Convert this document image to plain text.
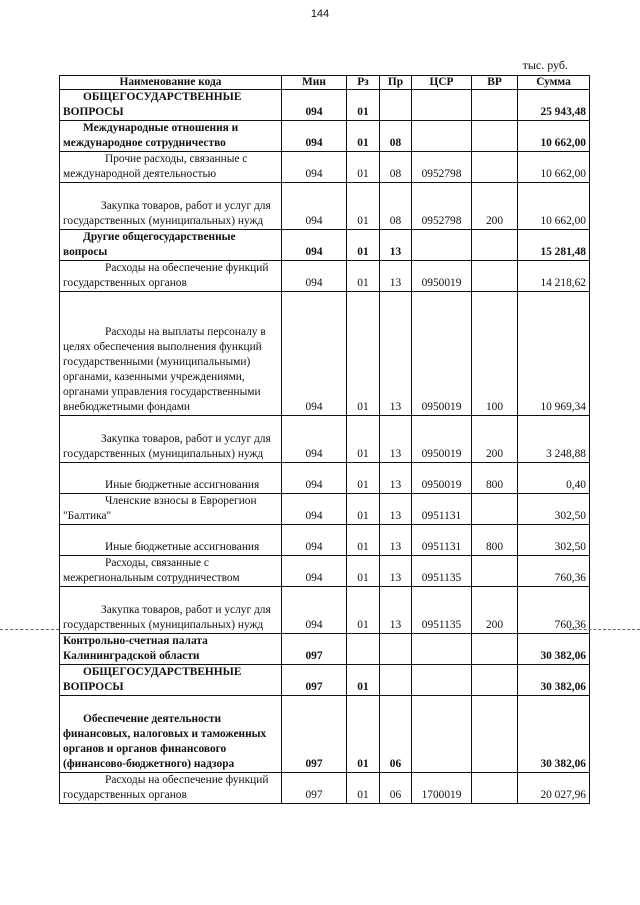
144
тыс. руб.
Наименование кода	Мин	Рз	Пр	ЦСР	ВР	Сумма
ОБЩЕГОСУДАРСТВЕННЫЕ ВОПРОСЫ	094	01				25 943,48
Международные отношения и международное сотрудничество	094	01	08			10 662,00
Прочие расходы, связанные с международной деятельностью	094	01	08	0952798		10 662,00
Закупка товаров, работ и услуг для государственных (муниципальных) нужд	094	01	08	0952798	200	10 662,00
Другие общегосударственные вопросы	094	01	13			15 281,48
Расходы на обеспечение функций государственных органов	094	01	13	0950019		14 218,62
Расходы на выплаты персоналу в целях обеспечения выполнения функций государственными (муниципальными) органами, казенными учреждениями, органами управления государственными внебюджетными фондами	094	01	13	0950019	100	10 969,34
Закупка товаров, работ и услуг для государственных (муниципальных) нужд	094	01	13	0950019	200	3 248,88
Иные бюджетные ассигнования	094	01	13	0950019	800	0,40
Членские взносы в Еврорегион "Балтика"	094	01	13	0951131		302,50
Иные бюджетные ассигнования	094	01	13	0951131	800	302,50
Расходы, связанные с межрегиональным сотрудничеством	094	01	13	0951135		760,36
Закупка товаров, работ и услуг для государственных (муниципальных) нужд	094	01	13	0951135	200	760,36
Контрольно-счетная палата Калининградской области	097					30 382,06
ОБЩЕГОСУДАРСТВЕННЫЕ ВОПРОСЫ	097	01				30 382,06
Обеспечение деятельности финансовых, налоговых и таможенных органов и органов финансового (финансово-бюджетного) надзора	097	01	06			30 382,06
Расходы на обеспечение функций государственных органов	097	01	06	1700019		20 027,96
